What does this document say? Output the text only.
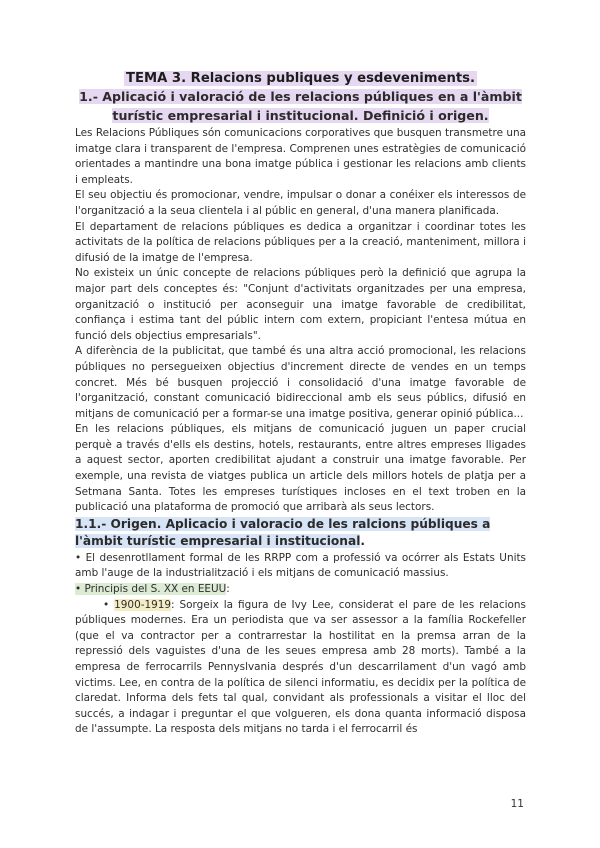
TEMA 3. Relacions publiques y esdeveniments.
1.- Aplicació i valoració de les relacions públiques en a l'àmbit turístic empresarial i institucional. Definició i origen.

Les Relacions Públiques són comunicacions corporatives que busquen transmetre una imatge clara i transparent de l'empresa. Comprenen unes estratègies de comunicació orientades a mantindre una bona imatge pública i gestionar les relacions amb clients i empleats.

El seu objectiu és promocionar, vendre, impulsar o donar a conéixer els interessos de l'organització a la seua clientela i al públic en general, d'una manera planificada.

El departament de relacions públiques es dedica a organitzar i coordinar totes les activitats de la política de relacions públiques per a la creació, manteniment, millora i difusió de la imatge de l'empresa.

No existeix un únic concepte de relacions públiques però la definició que agrupa la major part dels conceptes és: "Conjunt d'activitats organitzades per una empresa, organització o institució per aconseguir una imatge favorable de credibilitat, confiança i estima tant del públic intern com extern, propiciant l'entesa mútua en funció dels objectius empresarials".

A diferència de la publicitat, que també és una altra acció promocional, les relacions públiques no persegueixen objectius d'increment directe de vendes en un temps concret. Més bé busquen projecció i consolidació d'una imatge favorable de l'organització, constant comunicació bidireccional amb els seus públics, difusió en mitjans de comunicació per a formar-se una imatge positiva, generar opinió pública...

En les relacions públiques, els mitjans de comunicació juguen un paper crucial perquè a través d'ells els destins, hotels, restaurants, entre altres empreses lligades a aquest sector, aporten credibilitat ajudant a construir una imatge favorable. Per exemple, una revista de viatges publica un article dels millors hotels de platja per a Setmana Santa. Totes les empreses turístiques incloses en el text troben en la publicació una plataforma de promoció que arribarà als seus lectors.

1.1.- Origen. Aplicacio i valoracio de les ralcions públiques a l'àmbit turístic empresarial i institucional.

• El desenrotllament formal de les RRPP com a professió va ocórrer als Estats Units amb l'auge de la industrialització i els mitjans de comunicació massius.

• Principis del S. XX en EEUU:

• 1900-1919: Sorgeix la figura de Ivy Lee, considerat el pare de les relacions públiques modernes. Era un periodista que va ser assessor a la família Rockefeller (que el va contractor per a contrarrestar la hostilitat en la premsa arran de la repressió dels vaguistes d'una de les seues empresa amb 28 morts). També a la empresa de ferrocarrils Pennyslvania després d'un descarrilament d'un vagó amb victims. Lee, en contra de la política de silenci informatiu, es decidix per la política de claredat. Informa dels fets tal qual, convidant als professionals a visitar el lloc del succés, a indagar i preguntar el que volgueren, els dona quanta informació disposa de l'assumpte. La resposta dels mitjans no tarda i el ferrocarril és

11
